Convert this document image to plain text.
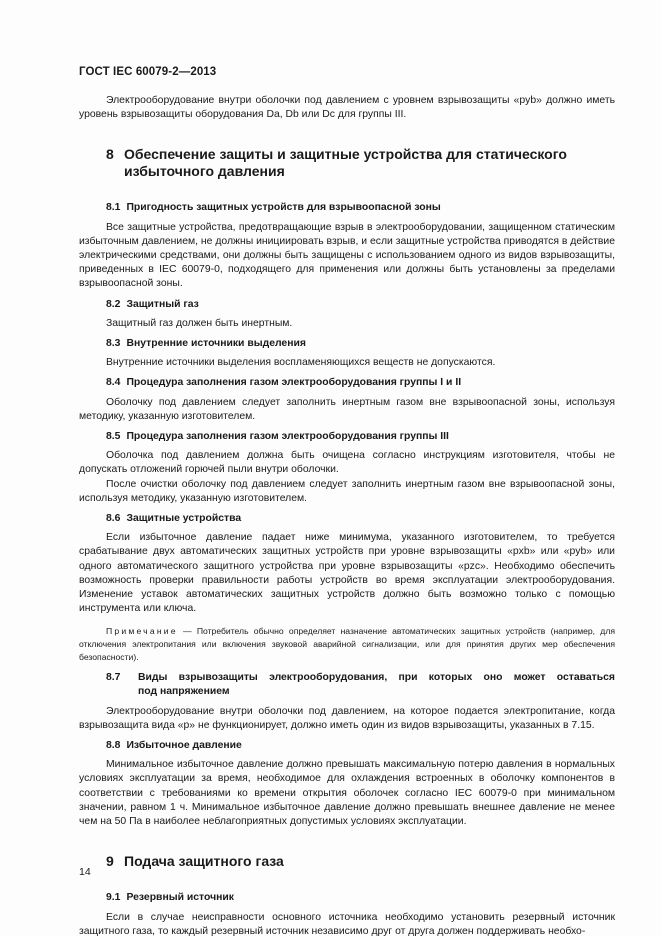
ГОСТ IEC 60079-2—2013

Электрооборудование внутри оболочки под давлением с уровнем взрывозащиты «pyb» должно иметь уровень взрывозащиты оборудования Da, Db или Dc для группы III.

8 Обеспечение защиты и защитные устройства для статического избыточного давления
8.1 Пригодность защитных устройств для взрывоопасной зоны

Все защитные устройства, предотвращающие взрыв в электрооборудовании, защищенном статическим избыточным давлением, не должны инициировать взрыв, и если защитные устройства приводятся в действие электрическими средствами, они должны быть защищены с использованием одного из видов взрывозащиты, приведенных в IEC 60079-0, подходящего для применения или должны быть установлены за пределами взрывоопасной зоны.

8.2 Защитный газ

Защитный газ должен быть инертным.

8.3 Внутренние источники выделения

Внутренние источники выделения воспламеняющихся веществ не допускаются.

8.4 Процедура заполнения газом электрооборудования группы I и II

Оболочку под давлением следует заполнить инертным газом вне взрывоопасной зоны, используя методику, указанную изготовителем.

8.5 Процедура заполнения газом электрооборудования группы III

Оболочка под давлением должна быть очищена согласно инструкциям изготовителя, чтобы не допускать отложений горючей пыли внутри оболочки.

После очистки оболочку под давлением следует заполнить инертным газом вне взрывоопасной зоны, используя методику, указанную изготовителем.

8.6 Защитные устройства

Если избыточное давление падает ниже минимума, указанного изготовителем, то требуется срабатывание двух автоматических защитных устройств при уровне взрывозащиты «pxb» или «pyb» или одного автоматического защитного устройства при уровне взрывозащиты «pzc». Необходимо обеспечить возможность проверки правильности работы устройств во время эксплуатации электрооборудования. Изменение уставок автоматических защитных устройств должно быть возможно только с помощью инструмента или ключа.

Примечание — Потребитель обычно определяет назначение автоматических защитных устройств (например, для отключения электропитания или включения звуковой аварийной сигнализации, или для принятия других мер обеспечения безопасности).

8.7	Виды взрывозащиты электрооборудования, при которых оно может оставаться
под напряжением

Электрооборудование внутри оболочки под давлением, на которое подается электропитание, когда взрывозащита вида «p» не функционирует, должно иметь один из видов взрывозащиты, указанных в 7.15.

8.8 Избыточное давление

Минимальное избыточное давление должно превышать максимальную потерю давления в нормальных условиях эксплуатации за время, необходимое для охлаждения встроенных в оболочку компонентов в соответствии с требованиями ко времени открытия оболочек согласно IEC 60079-0 при минимальном значении, равном 1 ч. Минимальное избыточное давление должно превышать внешнее давление не менее чем на 50 Па в наиболее неблагоприятных допустимых условиях эксплуатации.

9 Подача защитного газа
9.1 Резервный источник

Если в случае неисправности основного источника необходимо установить резервный источник защитного газа, то каждый резервный источник независимо друг от друга должен поддерживать необхо-

14
